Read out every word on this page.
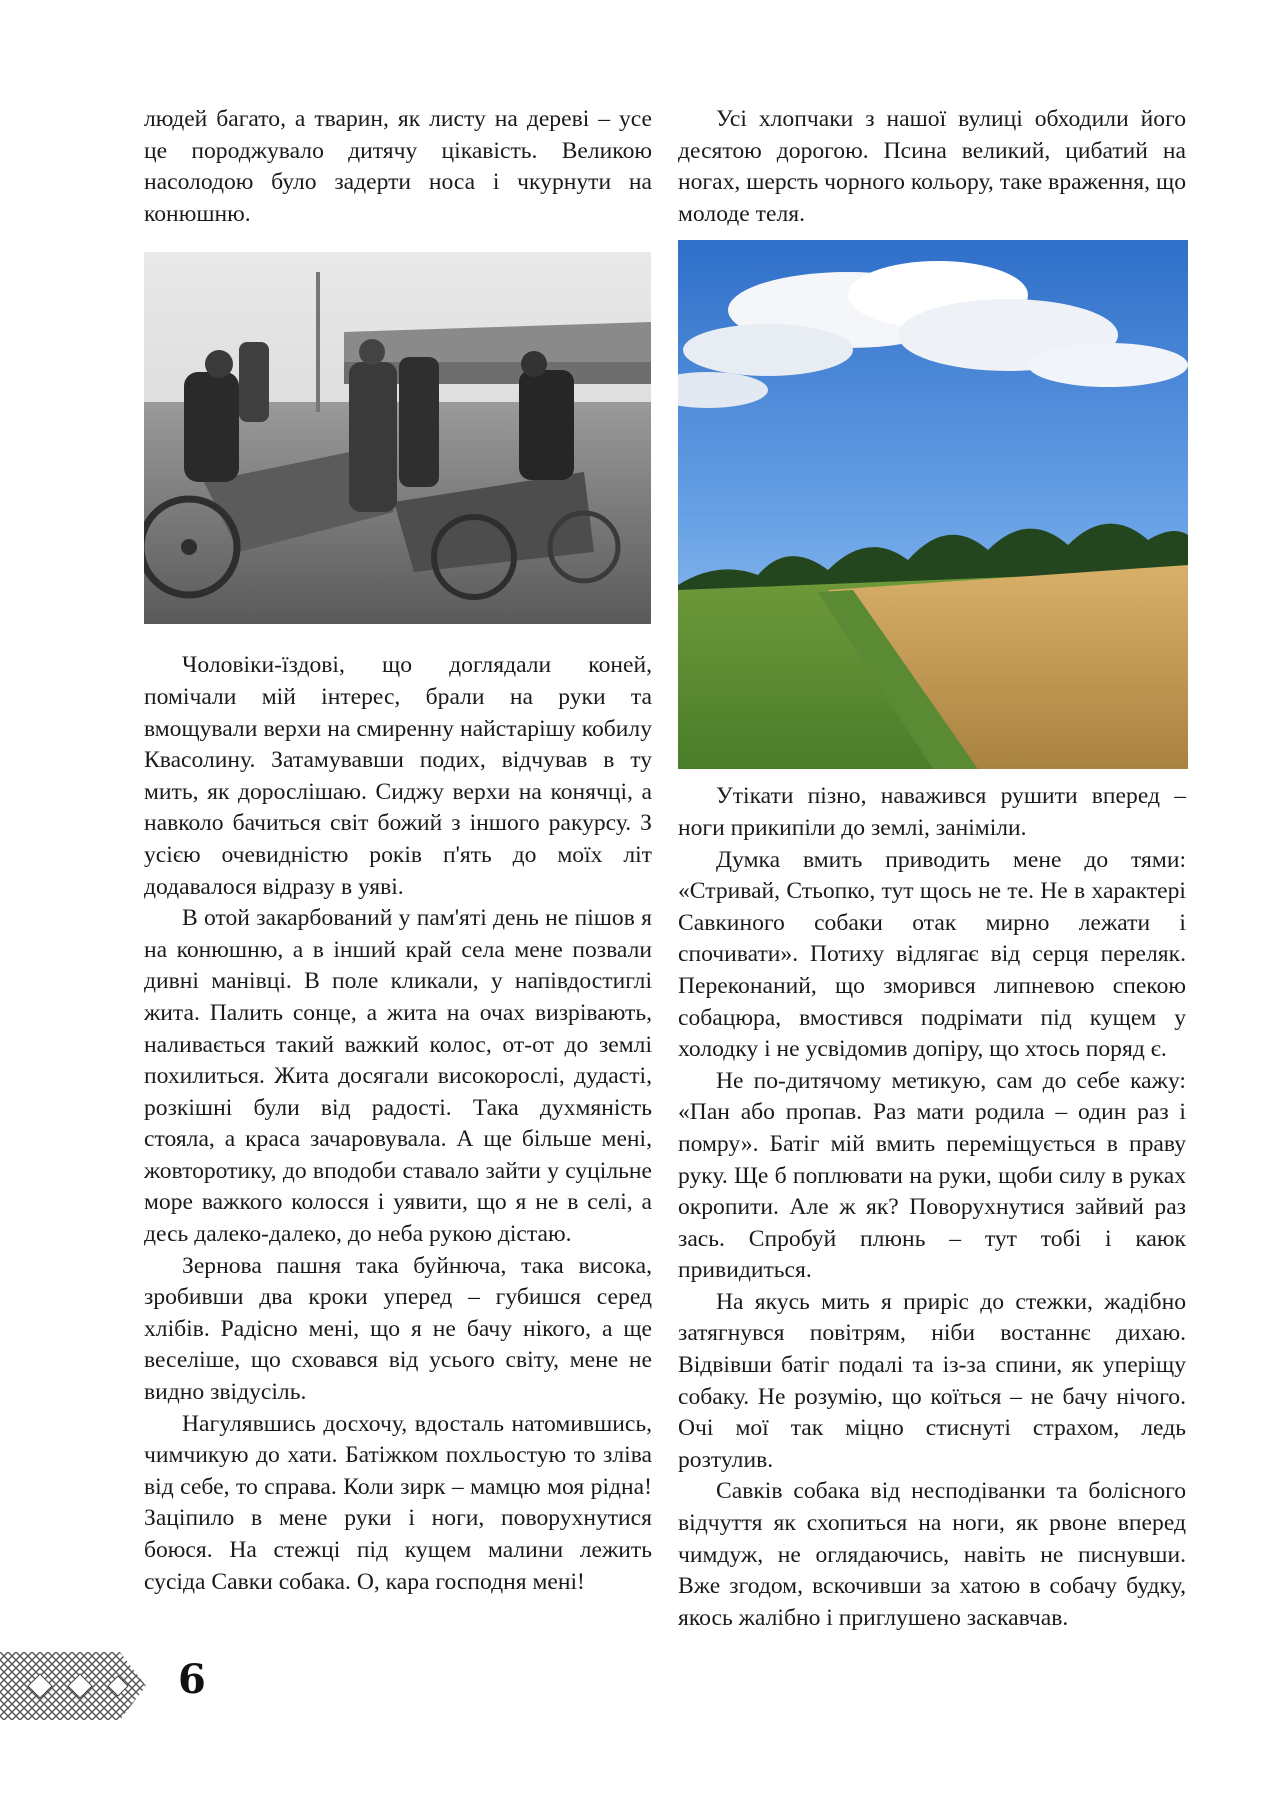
людей багато, а тварин, як листу на дереві – усе це породжувало дитячу цікавість. Великою насолодою було задерти носа і чкурнути на конюшню.

Чоловіки-їздові, що доглядали коней, помічали мій інтерес, брали на руки та вмощували верхи на смиренну найстарішу кобилу Квасолину. Затамувавши подих, відчував в ту мить, як дорослішаю. Сиджу верхи на конячці, а навколо бачиться світ божий з іншого ракурсу. З усією очевидністю років п'ять до моїх літ додавалося відразу в уяві.

В отой закарбований у пам'яті день не пішов я на конюшню, а в інший край села мене позвали дивні манівці. В поле кликали, у напівдостиглі жита. Палить сонце, а жита на очах визрівають, наливається такий важкий колос, от-от до землі похилиться. Жита досягали високорослі, дудасті, розкішні були від радості. Така духмяність стояла, а краса зачаровувала. А ще більше мені, жовторотику, до вподоби ставало зайти у суцільне море важкого колосся і уявити, що я не в селі, а десь далеко-далеко, до неба рукою дістаю.

Зернова пашня така буйнюча, така висока, зробивши два кроки уперед – губишся серед хлібів. Радісно мені, що я не бачу нікого, а ще веселіше, що сховався від усього світу, мене не видно звідусіль.

Нагулявшись досхочу, вдосталь натомившись, чимчикую до хати. Батіжком похльостую то зліва від себе, то справа. Коли зирк – мамцю моя рідна! Заціпило в мене руки і ноги, поворухнутися боюся. На стежці під кущем малини лежить сусіда Савки собака. О, кара господня мені!

Усі хлопчаки з нашої вулиці обходили його десятою дорогою. Псина великий, цибатий на ногах, шерсть чорного кольору, таке враження, що молоде теля.

Утікати пізно, наважився рушити вперед – ноги прикипіли до землі, заніміли.

Думка вмить приводить мене до тями: «Стривай, Стьопко, тут щось не те. Не в характері Савкиного собаки отак мирно лежати і спочивати». Потиху відлягає від серця переляк. Переконаний, що зморився липневою спекою собацюра, вмостився подрімати під кущем у холодку і не усвідомив допіру, що хтось поряд є.

Не по-дитячому метикую, сам до себе кажу: «Пан або пропав. Раз мати родила – один раз і помру». Батіг мій вмить переміщується в праву руку. Ще б поплювати на руки, щоби силу в руках окропити. Але ж як? Поворухнутися зайвий раз зась. Спробуй плюнь – тут тобі і каюк привидиться.

На якусь мить я приріс до стежки, жадібно затягнувся повітрям, ніби востаннє дихаю. Відвівши батіг подалі та із-за спини, як уперіщу собаку. Не розумію, що коїться – не бачу нічого. Очі мої так міцно стиснуті страхом, ледь розтулив.

Савків собака від несподіванки та болісного відчуття як схопиться на ноги, як рвоне вперед чимдуж, не оглядаючись, навіть не писнувши. Вже згодом, вскочивши за хатою в собачу будку, якось жалібно і приглушено заскавчав.

6
